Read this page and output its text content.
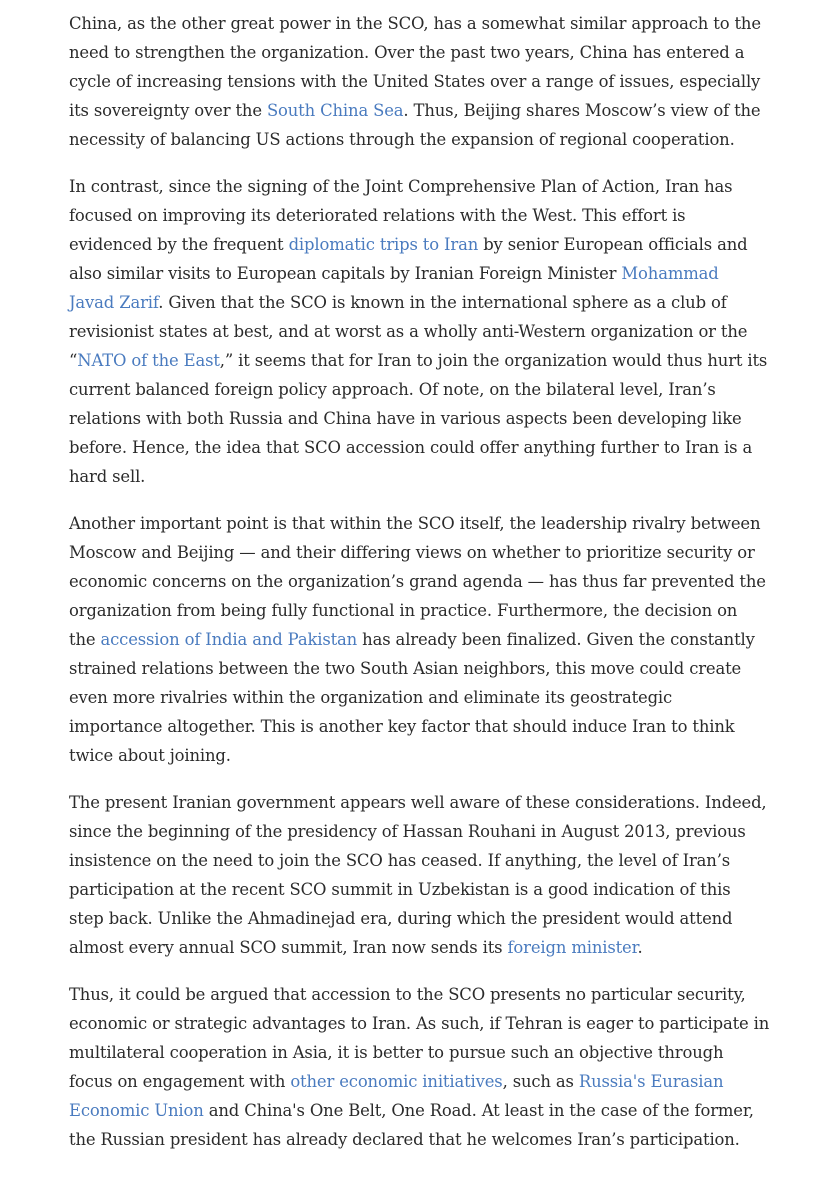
China, as the other great power in the SCO, has a somewhat similar approach to the
need to strengthen the organization. Over the past two years, China has entered a
cycle of increasing tensions with the United States over a range of issues, especially
its sovereignty over the South China Sea. Thus, Beijing shares Moscow’s view of the
necessity of balancing US actions through the expansion of regional cooperation.

In contrast, since the signing of the Joint Comprehensive Plan of Action, Iran has
focused on improving its deteriorated relations with the West. This effort is
evidenced by the frequent diplomatic trips to Iran by senior European officials and
also similar visits to European capitals by Iranian Foreign Minister Mohammad
Javad Zarif. Given that the SCO is known in the international sphere as a club of
revisionist states at best, and at worst as a wholly anti-Western organization or the
“NATO of the East,” it seems that for Iran to join the organization would thus hurt its
current balanced foreign policy approach. Of note, on the bilateral level, Iran’s
relations with both Russia and China have in various aspects been developing like
before. Hence, the idea that SCO accession could offer anything further to Iran is a
hard sell.

Another important point is that within the SCO itself, the leadership rivalry between
Moscow and Beijing — and their differing views on whether to prioritize security or
economic concerns on the organization’s grand agenda — has thus far prevented the
organization from being fully functional in practice. Furthermore, the decision on
the accession of India and Pakistan has already been finalized. Given the constantly
strained relations between the two South Asian neighbors, this move could create
even more rivalries within the organization and eliminate its geostrategic
importance altogether. This is another key factor that should induce Iran to think
twice about joining.

The present Iranian government appears well aware of these considerations. Indeed,
since the beginning of the presidency of Hassan Rouhani in August 2013, previous
insistence on the need to join the SCO has ceased. If anything, the level of Iran’s
participation at the recent SCO summit in Uzbekistan is a good indication of this
step back. Unlike the Ahmadinejad era, during which the president would attend
almost every annual SCO summit, Iran now sends its foreign minister.

Thus, it could be argued that accession to the SCO presents no particular security,
economic or strategic advantages to Iran. As such, if Tehran is eager to participate in
multilateral cooperation in Asia, it is better to pursue such an objective through
focus on engagement with other economic initiatives, such as Russia's Eurasian
Economic Union and China's One Belt, One Road. At least in the case of the former,
the Russian president has already declared that he welcomes Iran’s participation.
